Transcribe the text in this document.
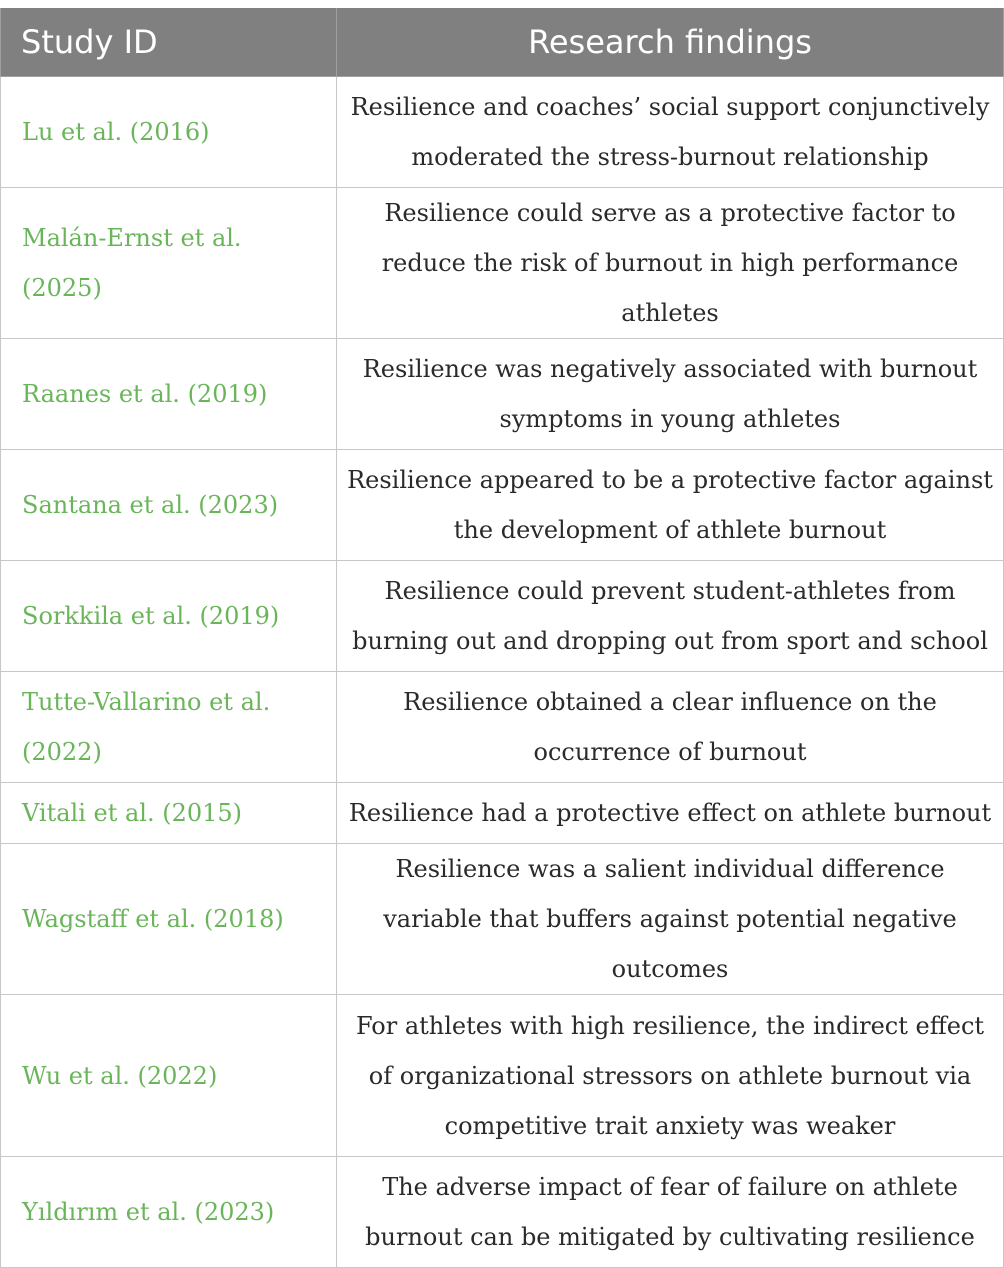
Study ID	Research findings
Lu et al. (2016)	Resilience and coaches’ social support conjunctively moderated the stress-burnout relationship
Malán-Ernst et al. (2025)	Resilience could serve as a protective factor to reduce the risk of burnout in high performance athletes
Raanes et al. (2019)	Resilience was negatively associated with burnout symptoms in young athletes
Santana et al. (2023)	Resilience appeared to be a protective factor against the development of athlete burnout
Sorkkila et al. (2019)	Resilience could prevent student-athletes from burning out and dropping out from sport and school
Tutte-Vallarino et al. (2022)	Resilience obtained a clear influence on the occurrence of burnout
Vitali et al. (2015)	Resilience had a protective effect on athlete burnout
Wagstaff et al. (2018)	Resilience was a salient individual difference variable that buffers against potential negative outcomes
Wu et al. (2022)	For athletes with high resilience, the indirect effect of organizational stressors on athlete burnout via competitive trait anxiety was weaker
Yıldırım et al. (2023)	The adverse impact of fear of failure on athlete burnout can be mitigated by cultivating resilience
